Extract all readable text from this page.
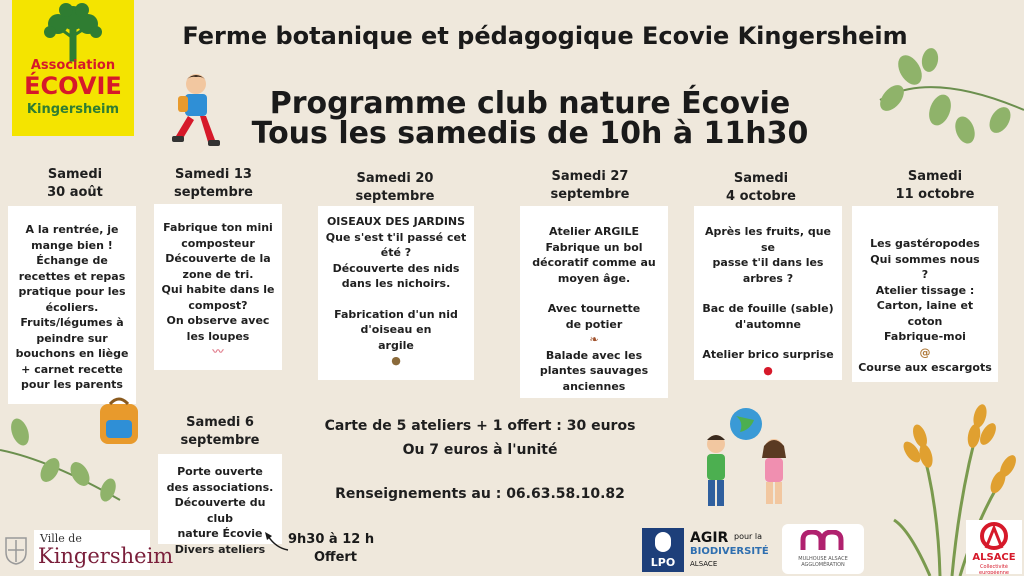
Association
ÉCOVIE
Kingersheim
Ferme botanique et pédagogique Ecovie Kingersheim
Programme club nature Écovie
Tous les samedis de 10h à 11h30
Samedi
30 août
Samedi 13
septembre
Samedi 20
septembre
Samedi 27
septembre
Samedi
4 octobre
Samedi
11 octobre
Samedi 6
septembre
A la rentrée, je
mange bien !
Échange de
recettes et repas
pratique pour les
écoliers.
Fruits/légumes à
peindre sur
bouchons en liège
+ carnet recette
pour les parents
Fabrique ton mini
composteur
Découverte de la
zone de tri.
Qui habite dans le
compost?
On observe avec
les loupes
〰
OISEAUX DES JARDINS
Que s'est t'il passé cet
été ?
Découverte des nids
dans les nichoirs.
Fabrication d'un nid
d'oiseau en
argile
●
Atelier ARGILE
Fabrique un bol
décoratif comme au
moyen âge.
Avec tournette
de potier
❧
Balade avec les
plantes sauvages
anciennes
Après les fruits, que se
passe t'il dans les
arbres ?
Bac de fouille (sable)
d'automne
Atelier brico surprise
●
Les gastéropodes
Qui sommes nous
?
Atelier tissage :
Carton, laine et coton
Fabrique-moi
@
Course aux escargots
Porte ouverte
des associations.
Découverte du club
nature Écovie
Divers ateliers
9h30 à 12 h
Offert
Carte de 5 ateliers + 1 offert : 30 euros
Ou 7 euros à l'unité
Renseignements au : 06.63.58.10.82
Ville de
Kingersheim	LPO
AGIR pour la
BIODIVERSITÉ
ALSACE
MULHOUSE ALSACE AGGLOMÉRATION
ALSACE
Collectivité européenne
